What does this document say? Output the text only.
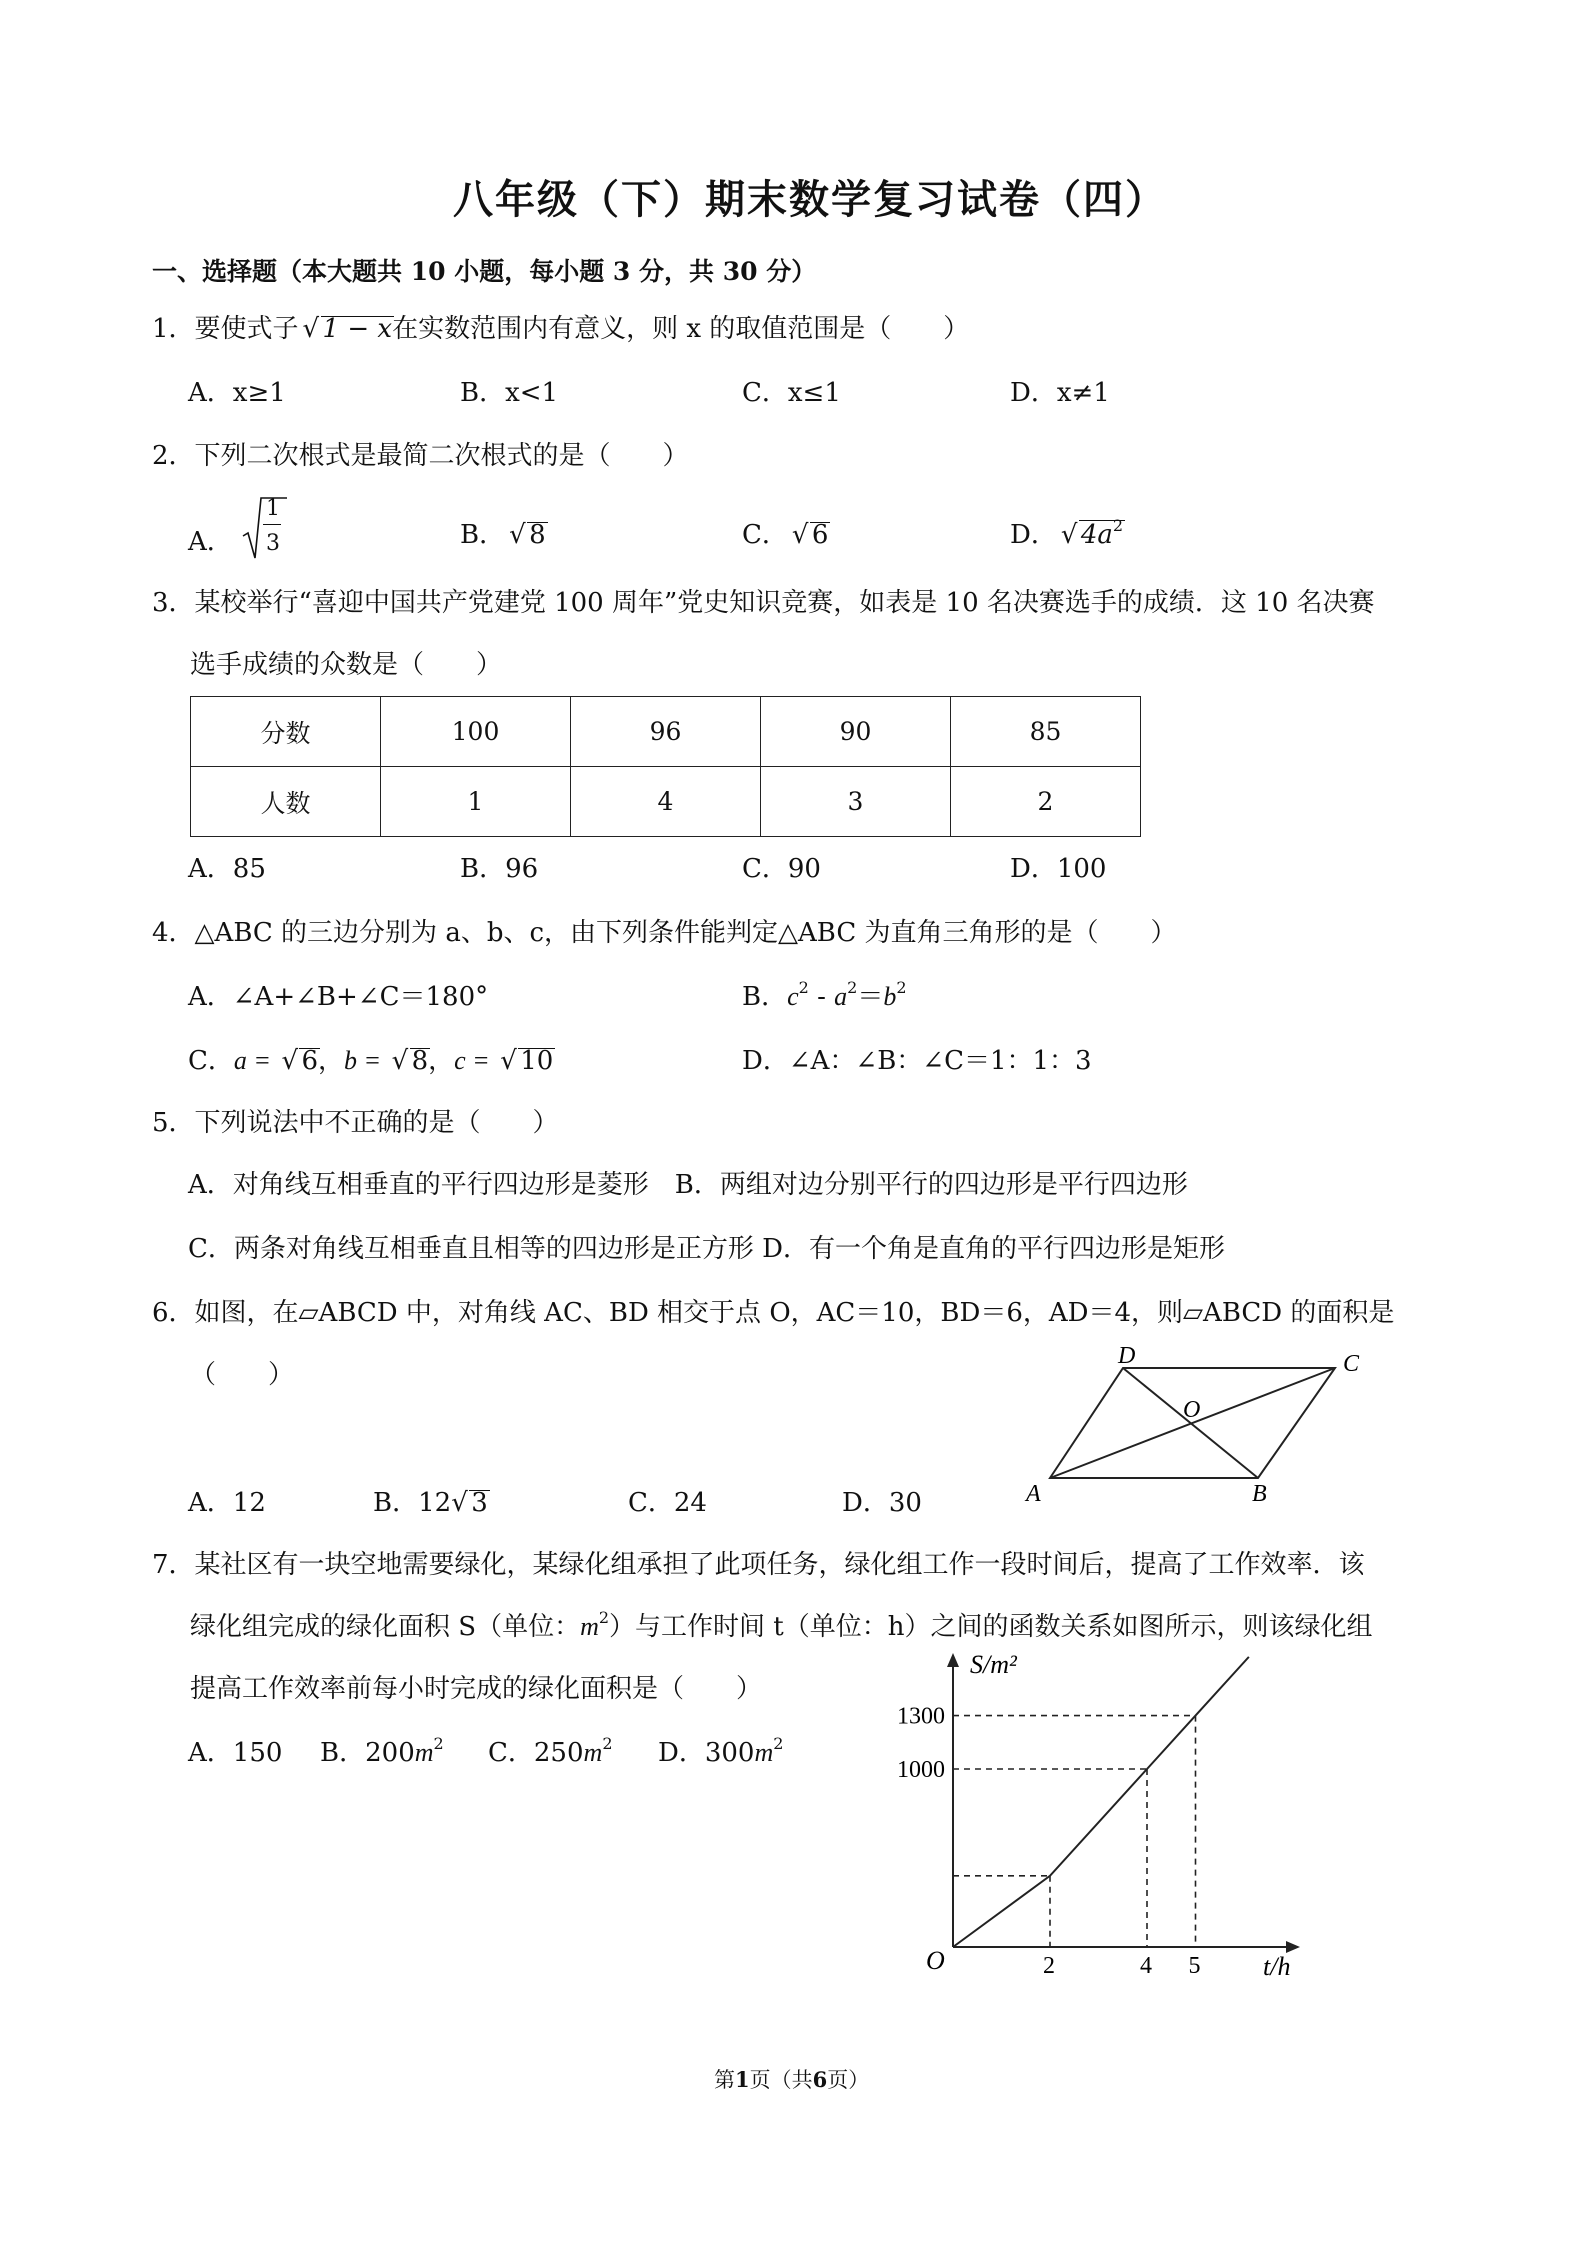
八年级（下）期末数学复习试卷（四）
一、选择题（本大题共 10 小题，每小题 3 分，共 30 分）
1．要使式子 √ 1 − x在实数范围内有意义，则 x 的取值范围是（　　）
A．x≥1	B．x<1	C．x≤1	D．x≠1
2．下列二次根式是最简二次根式的是（　　）
A． $\frac{1}{3}$	B． √ 8	C． √ 6	D． √ $4a^2$
3．某校举行“喜迎中国共产党建党 100 周年”党史知识竞赛，如表是 10 名决赛选手的成绩．这 10 名决赛
选手成绩的众数是（　　）
分数	100	96	90	85
人数	1	4	3	2
A．85	B．96	C．90	D．100
4．△ABC 的三边分别为 a、b、c，由下列条件能判定△ABC 为直角三角形的是（　　）
A．∠A+∠B+∠C＝180°	B．$c^2 - a^2=b^2$
C．a = √ 6，b = √ 8，c = √ 10	D．∠A：∠B：∠C＝1：1：3
5．下列说法中不正确的是（　　）
A．对角线互相垂直的平行四边形是菱形　B．两组对边分别平行的四边形是平行四边形
C．两条对角线互相垂直且相等的四边形是正方形 D．有一个角是直角的平行四边形是矩形
6．如图，在▱ABCD 中，对角线 AC、BD 相交于点 O，AC＝10，BD＝6，AD＝4，则▱ABCD 的面积是
（　　）
A．12	B．12 √ 3	C．24	D．30
D	C
O
A	B
7．某社区有一块空地需要绿化，某绿化组承担了此项任务，绿化组工作一段时间后，提高了工作效率．该
绿化组完成的绿化面积 S（单位：$m^2$）与工作时间 t（单位：h）之间的函数关系如图所示，则该绿化组
提高工作效率前每小时完成的绿化面积是（　　）
A．150 B．$200m^2$ C．$250m^2$ D．$300m^2$
2	4 5
1000
1300
S/m²
t/h
O
第1页（共6页）
